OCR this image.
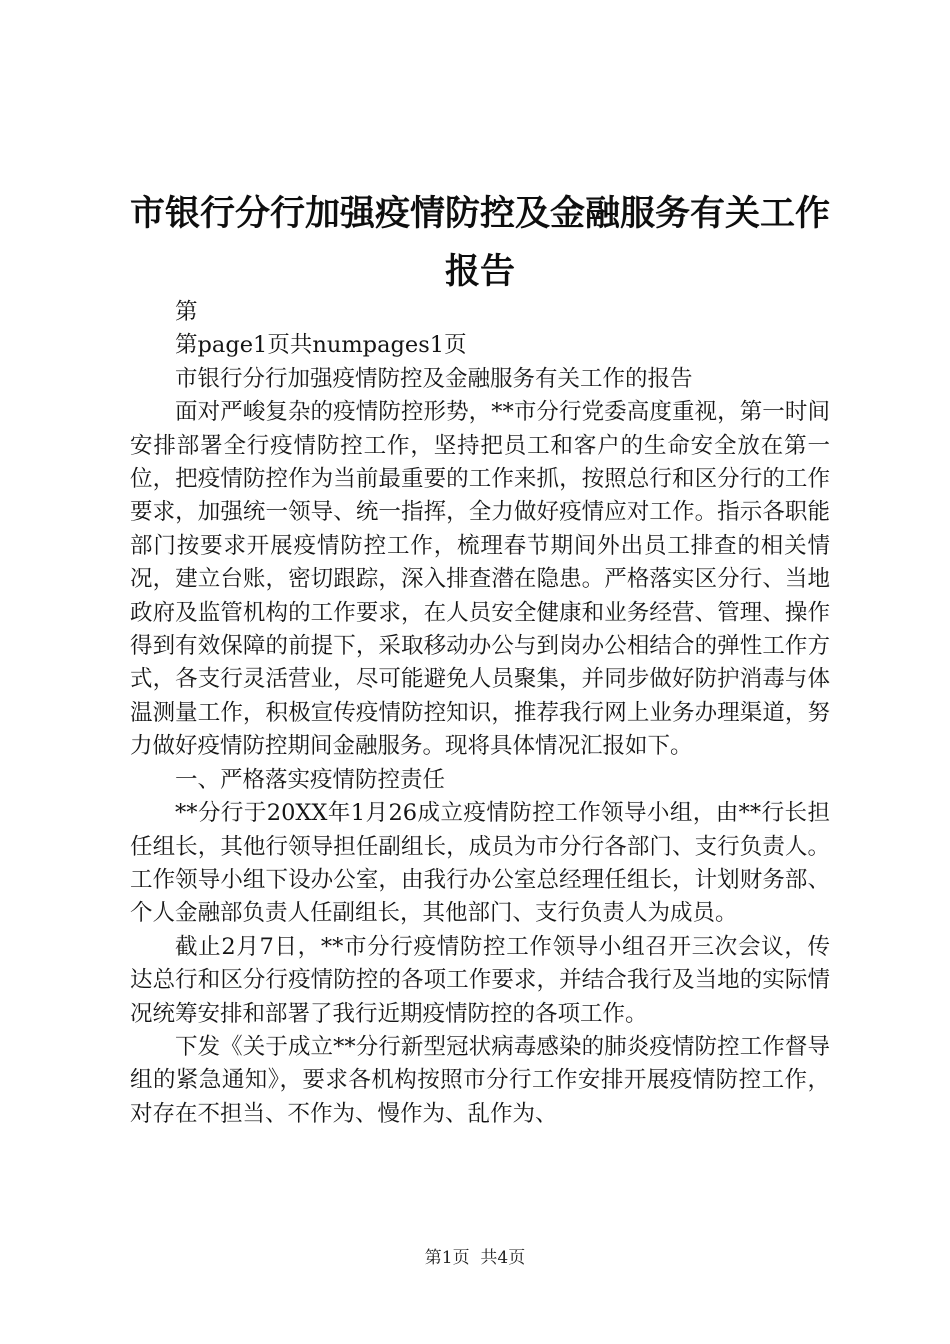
市银行分行加强疫情防控及金融服务有关工作
报告

第

第page1页共numpages1页

市银行分行加强疫情防控及金融服务有关工作的报告

面对严峻复杂的疫情防控形势，**市分行党委高度重视，第一时间安排部署全行疫情防控工作，坚持把员工和客户的生命安全放在第一位，把疫情防控作为当前最重要的工作来抓，按照总行和区分行的工作要求，加强统一领导、统一指挥，全力做好疫情应对工作。指示各职能部门按要求开展疫情防控工作，梳理春节期间外出员工排查的相关情况，建立台账，密切跟踪，深入排查潜在隐患。严格落实区分行、当地政府及监管机构的工作要求，在人员安全健康和业务经营、管理、操作得到有效保障的前提下，采取移动办公与到岗办公相结合的弹性工作方式，各支行灵活营业，尽可能避免人员聚集，并同步做好防护消毒与体温测量工作，积极宣传疫情防控知识，推荐我行网上业务办理渠道，努力做好疫情防控期间金融服务。现将具体情况汇报如下。

一、严格落实疫情防控责任

**分行于20XX年1月26成立疫情防控工作领导小组，由**行长担任组长，其他行领导担任副组长，成员为市分行各部门、支行负责人。工作领导小组下设办公室，由我行办公室总经理任组长，计划财务部、个人金融部负责人任副组长，其他部门、支行负责人为成员。

截止2月7日，**市分行疫情防控工作领导小组召开三次会议，传达总行和区分行疫情防控的各项工作要求，并结合我行及当地的实际情况统筹安排和部署了我行近期疫情防控的各项工作。

下发《关于成立**分行新型冠状病毒感染的肺炎疫情防控工作督导组的紧急通知》，要求各机构按照市分行工作安排开展疫情防控工作，对存在不担当、不作为、慢作为、乱作为、

第1页  共4页
